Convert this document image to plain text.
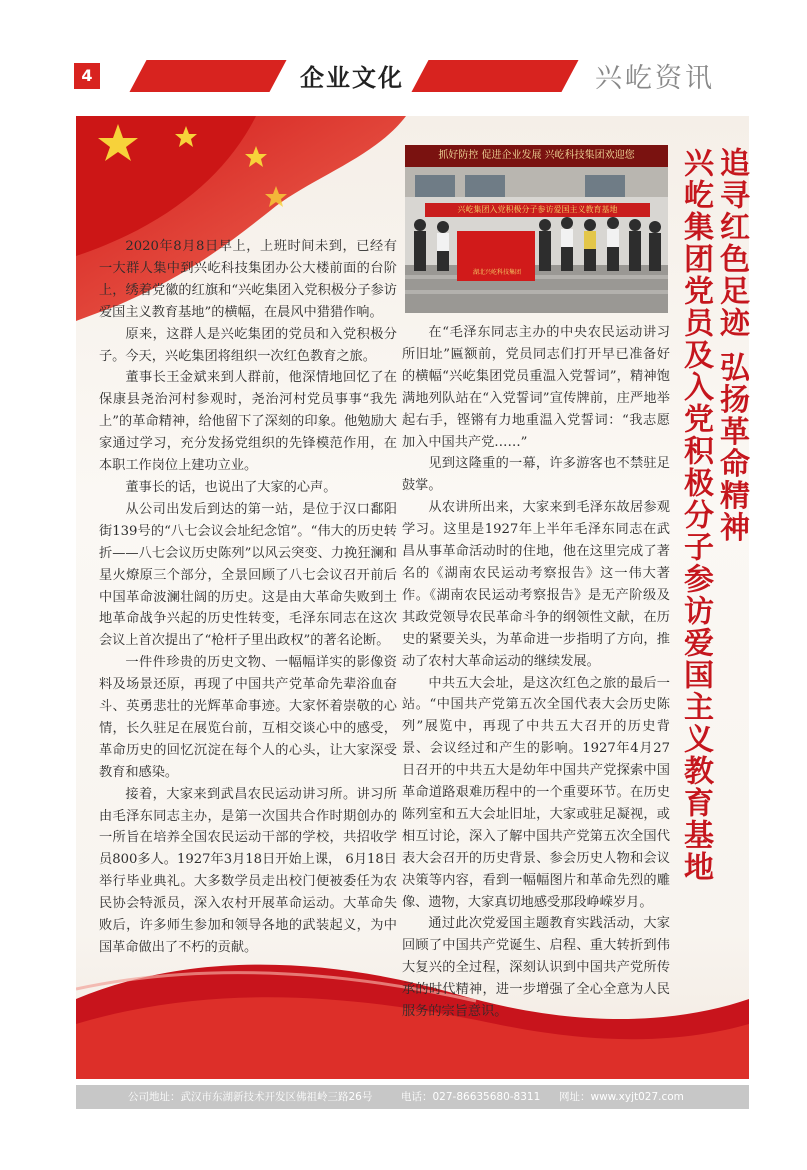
4	企业文化	兴屹资讯
抓好防控 促进企业发展 兴屹科技集团欢迎您
兴屹集团入党积极分子参访爱国主义教育基地
湖北兴屹科技集团	追寻红色足迹 弘扬革命精神
兴屹集团党员及入党积极分子参访爱国主义教育基地

2020年8月8日早上，上班时间未到，已经有一大群人集中到兴屹科技集团办公大楼前面的台阶上，绣着党徽的红旗和“兴屹集团入党积极分子参访爱国主义教育基地”的横幅，在晨风中猎猎作响。

原来，这群人是兴屹集团的党员和入党积极分子。今天，兴屹集团将组织一次红色教育之旅。

董事长王金斌来到人群前，他深情地回忆了在保康县尧治河村参观时，尧治河村党员事事“我先上”的革命精神，给他留下了深刻的印象。他勉励大家通过学习，充分发扬党组织的先锋模范作用，在本职工作岗位上建功立业。

董事长的话，也说出了大家的心声。

从公司出发后到达的第一站，是位于汉口鄱阳街139号的“八七会议会址纪念馆”。“伟大的历史转折——八七会议历史陈列”以风云突变、力挽狂澜和星火燎原三个部分，全景回顾了八七会议召开前后中国革命波澜壮阔的历史。这是由大革命失败到土地革命战争兴起的历史性转变，毛泽东同志在这次会议上首次提出了“枪杆子里出政权”的著名论断。

一件件珍贵的历史文物、一幅幅详实的影像资料及场景还原，再现了中国共产党革命先辈浴血奋斗、英勇悲壮的光辉革命事迹。大家怀着崇敬的心情，长久驻足在展览台前，互相交谈心中的感受，革命历史的回忆沉淀在每个人的心头，让大家深受教育和感染。

接着，大家来到武昌农民运动讲习所。讲习所由毛泽东同志主办，是第一次国共合作时期创办的一所旨在培养全国农民运动干部的学校，共招收学员800多人。1927年3月18日开始上课， 6月18日举行毕业典礼。大多数学员走出校门便被委任为农民协会特派员，深入农村开展革命运动。大革命失败后，许多师生参加和领导各地的武装起义，为中国革命做出了不朽的贡献。

在“毛泽东同志主办的中央农民运动讲习所旧址”匾额前，党员同志们打开早已准备好的横幅“兴屹集团党员重温入党誓词”，精神饱满地列队站在“入党誓词”宣传牌前，庄严地举起右手，铿锵有力地重温入党誓词：“我志愿加入中国共产党……”

见到这隆重的一幕，许多游客也不禁驻足鼓掌。

从农讲所出来，大家来到毛泽东故居参观学习。这里是1927年上半年毛泽东同志在武昌从事革命活动时的住地，他在这里完成了著名的《湖南农民运动考察报告》这一伟大著作。《湖南农民运动考察报告》是无产阶级及其政党领导农民革命斗争的纲领性文献，在历史的紧要关头，为革命进一步指明了方向，推动了农村大革命运动的继续发展。

中共五大会址，是这次红色之旅的最后一站。“中国共产党第五次全国代表大会历史陈列”展览中，再现了中共五大召开的历史背景、会议经过和产生的影响。1927年4月27日召开的中共五大是幼年中国共产党探索中国革命道路艰难历程中的一个重要环节。在历史陈列室和五大会址旧址，大家或驻足凝视，或相互讨论，深入了解中国共产党第五次全国代表大会召开的历史背景、参会历史人物和会议决策等内容，看到一幅幅图片和革命先烈的雕像、遗物，大家真切地感受那段峥嵘岁月。

通过此次党爱国主题教育实践活动，大家回顾了中国共产党诞生、启程、重大转折到伟大复兴的全过程，深刻认识到中国共产党所传承的时代精神，进一步增强了全心全意为人民服务的宗旨意识。

公司地址：武汉市东湖新技术开发区佛祖岭三路26号	电话：027-86635680-8311 网址：www.xyjt027.com
